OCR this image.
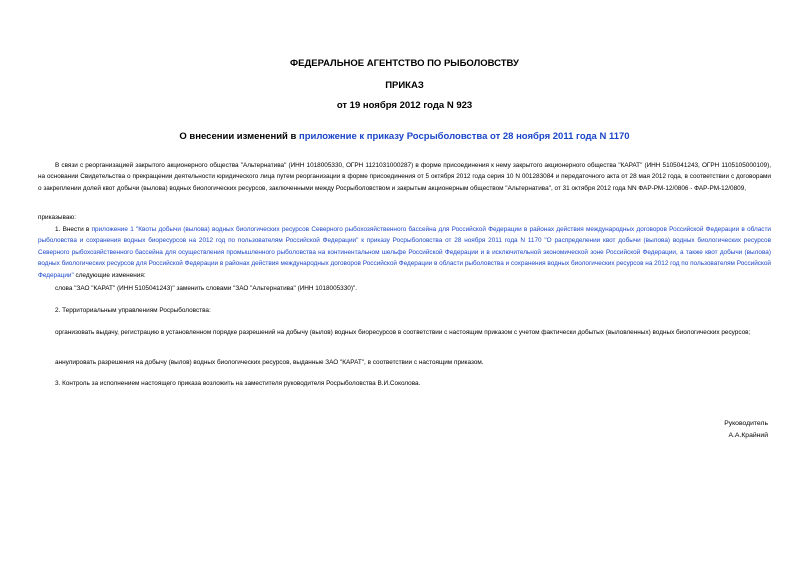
ФЕДЕРАЛЬНОЕ АГЕНТСТВО ПО РЫБОЛОВСТВУ
ПРИКАЗ
от 19 ноября 2012 года N 923
О внесении изменений в приложение к приказу Росрыболовства от 28 ноября 2011 года N 1170
В связи с реорганизацией закрытого акционерного общества "Альтернатива" (ИНН 1018005330, ОГРН 1121031000287) в форме присоединения к нему закрытого акционерного общества "КАРАТ" (ИНН 5105041243, ОГРН 1105105000109), на основании Свидетельства о прекращении деятельности юридического лица путем реорганизации в форме присоединения от 5 октября 2012 года серия 10 N 001283084 и передаточного акта от 28 мая 2012 года, в соответствии с договорами о закреплении долей квот добычи (вылова) водных биологических ресурсов, заключенными между Росрыболовством и закрытым акционерным обществом "Альтернатива", от 31 октября 2012 года NN ФАР-РМ-12/0806 - ФАР-РМ-12/0809,
приказываю:
1. Внести в приложение 1 "Квоты добычи (вылова) водных биологических ресурсов Северного рыбохозяйственного бассейна для Российской Федерации в районах действия международных договоров Российской Федерации в области рыболовства и сохранения водных биоресурсов на 2012 год по пользователям Российской Федерации" к приказу Росрыболовства от 28 ноября 2011 года N 1170 "О распределении квот добычи (вылова) водных биологических ресурсов Северного рыбохозяйственного бассейна для осуществления промышленного рыболовства на континентальном шельфе Российской Федерации и в исключительной экономической зоне Российской Федерации, а также квот добычи (вылова) водных биологических ресурсов для Российской Федерации в районах действия международных договоров Российской Федерации в области рыболовства и сохранения водных биологических ресурсов на 2012 год по пользователям Российской Федерации" следующие изменения:
слова "ЗАО "КАРАТ" (ИНН 5105041243)" заменить словами "ЗАО "Альтернатива" (ИНН 1018005330)".
2. Территориальным управлениям Росрыболовства:
организовать выдачу, регистрацию в установленном порядке разрешений на добычу (вылов) водных биоресурсов в соответствии с настоящим приказом с учетом фактически добытых (выловленных) водных биологических ресурсов;
аннулировать разрешения на добычу (вылов) водных биологических ресурсов, выданные ЗАО "КАРАТ", в соответствии с настоящим приказом.
3. Контроль за исполнением настоящего приказа возложить на заместителя руководителя Росрыболовства В.И.Соколова.
Руководитель
А.А.Крайний
